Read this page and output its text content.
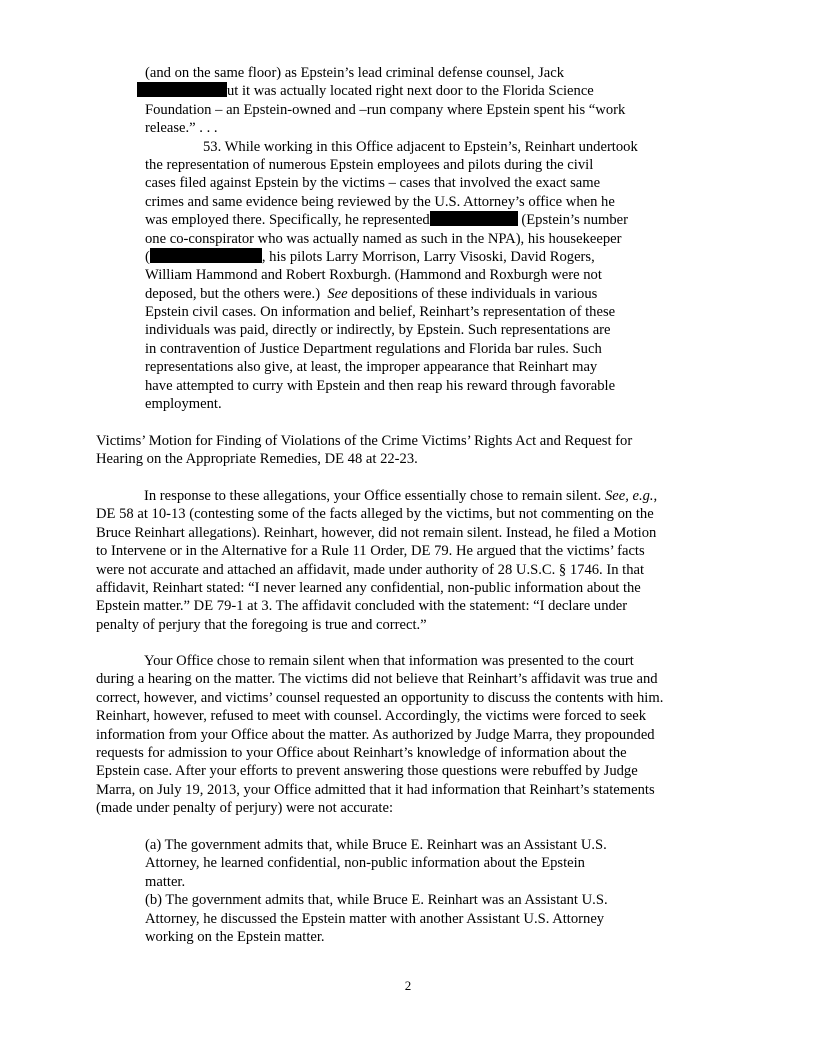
(and on the same floor) as Epstein’s lead criminal defense counsel, Jack
ut it was actually located right next door to the Florida Science
Foundation – an Epstein-owned and –run company where Epstein spent his “work
release.” . . .
53. While working in this Office adjacent to Epstein’s, Reinhart undertook
the representation of numerous Epstein employees and pilots during the civil
cases filed against Epstein by the victims – cases that involved the exact same
crimes and same evidence being reviewed by the U.S. Attorney’s office when he
was employed there. Specifically, he represented	(Epstein’s number
one co-conspirator who was actually named as such in the NPA), his housekeeper
(	, his pilots Larry Morrison, Larry Visoski, David Rogers,
William Hammond and Robert Roxburgh. (Hammond and Roxburgh were not
deposed, but the others were.) See depositions of these individuals in various
Epstein civil cases. On information and belief, Reinhart’s representation of these
individuals was paid, directly or indirectly, by Epstein. Such representations are
in contravention of Justice Department regulations and Florida bar rules. Such
representations also give, at least, the improper appearance that Reinhart may
have attempted to curry with Epstein and then reap his reward through favorable
employment.
Victims’ Motion for Finding of Violations of the Crime Victims’ Rights Act and Request for
Hearing on the Appropriate Remedies, DE 48 at 22-23.
In response to these allegations, your Office essentially chose to remain silent. See, e.g.,
DE 58 at 10-13 (contesting some of the facts alleged by the victims, but not commenting on the
Bruce Reinhart allegations). Reinhart, however, did not remain silent. Instead, he filed a Motion
to Intervene or in the Alternative for a Rule 11 Order, DE 79. He argued that the victims’ facts
were not accurate and attached an affidavit, made under authority of 28 U.S.C. § 1746. In that
affidavit, Reinhart stated: “I never learned any confidential, non-public information about the
Epstein matter.” DE 79-1 at 3. The affidavit concluded with the statement: “I declare under
penalty of perjury that the foregoing is true and correct.”
Your Office chose to remain silent when that information was presented to the court
during a hearing on the matter. The victims did not believe that Reinhart’s affidavit was true and
correct, however, and victims’ counsel requested an opportunity to discuss the contents with him.
Reinhart, however, refused to meet with counsel. Accordingly, the victims were forced to seek
information from your Office about the matter. As authorized by Judge Marra, they propounded
requests for admission to your Office about Reinhart’s knowledge of information about the
Epstein case. After your efforts to prevent answering those questions were rebuffed by Judge
Marra, on July 19, 2013, your Office admitted that it had information that Reinhart’s statements
(made under penalty of perjury) were not accurate:
(a) The government admits that, while Bruce E. Reinhart was an Assistant U.S.
Attorney, he learned confidential, non-public information about the Epstein
matter.
(b) The government admits that, while Bruce E. Reinhart was an Assistant U.S.
Attorney, he discussed the Epstein matter with another Assistant U.S. Attorney
working on the Epstein matter.
2
